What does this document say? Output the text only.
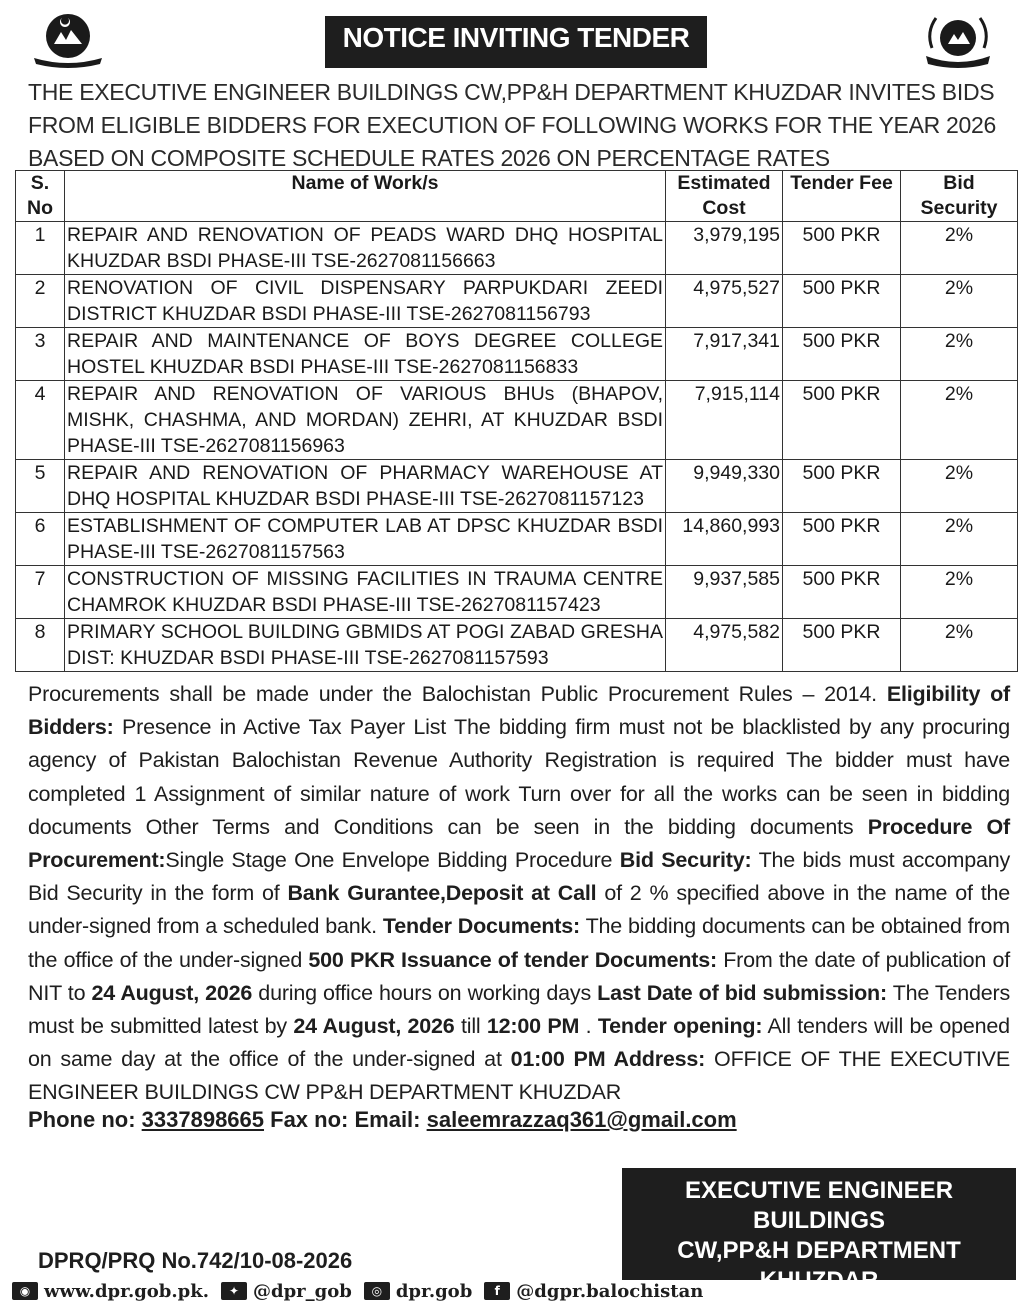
NOTICE INVITING TENDER
THE EXECUTIVE ENGINEER BUILDINGS CW,PP&H DEPARTMENT KHUZDAR INVITES BIDS FROM ELIGIBLE BIDDERS FOR EXECUTION OF FOLLOWING WORKS FOR THE YEAR 2026 BASED ON COMPOSITE SCHEDULE RATES 2026 ON PERCENTAGE RATES
S. No	Name of Work/s	Estimated Cost	Tender Fee	Bid Security
1	REPAIR AND RENOVATION OF PEADS WARD DHQ HOSPITAL KHUZDAR BSDI PHASE-III TSE-2627081156663	3,979,195	500 PKR	2%
2	RENOVATION OF CIVIL DISPENSARY PARPUKDARI ZEEDI DISTRICT KHUZDAR BSDI PHASE-III TSE-2627081156793	4,975,527	500 PKR	2%
3	REPAIR AND MAINTENANCE OF BOYS DEGREE COLLEGE HOSTEL KHUZDAR BSDI PHASE-III TSE-2627081156833	7,917,341	500 PKR	2%
4	REPAIR AND RENOVATION OF VARIOUS BHUs (BHAPOV, MISHK, CHASHMA, AND MORDAN) ZEHRI, AT KHUZDAR BSDI PHASE-III TSE-2627081156963	7,915,114	500 PKR	2%
5	REPAIR AND RENOVATION OF PHARMACY WAREHOUSE AT DHQ HOSPITAL KHUZDAR BSDI PHASE-III TSE-2627081157123	9,949,330	500 PKR	2%
6	ESTABLISHMENT OF COMPUTER LAB AT DPSC KHUZDAR BSDI PHASE-III TSE-2627081157563	14,860,993	500 PKR	2%
7	CONSTRUCTION OF MISSING FACILITIES IN TRAUMA CENTRE CHAMROK KHUZDAR BSDI PHASE-III TSE-2627081157423	9,937,585	500 PKR	2%
8	PRIMARY SCHOOL BUILDING GBMIDS AT POGI ZABAD GRESHA DIST: KHUZDAR BSDI PHASE-III TSE-2627081157593	4,975,582	500 PKR	2%
Procurements shall be made under the Balochistan Public Procurement Rules – 2014. Eligibility of Bidders: Presence in Active Tax Payer List The bidding firm must not be blacklisted by any procuring agency of Pakistan Balochistan Revenue Authority Registration is required The bidder must have completed 1 Assignment of similar nature of work Turn over for all the works can be seen in bidding documents Other Terms and Conditions can be seen in the bidding documents Procedure Of Procurement:Single Stage One Envelope Bidding Procedure Bid Security: The bids must accompany Bid Security in the form of Bank Gurantee,Deposit at Call of 2 % specified above in the name of the under-signed from a scheduled bank. Tender Documents: The bidding documents can be obtained from the office of the under-signed 500 PKR Issuance of tender Documents: From the date of publication of NIT to 24 August, 2026 during office hours on working days Last Date of bid submission: The Tenders must be submitted latest by 24 August, 2026 till 12:00 PM . Tender opening: All tenders will be opened on same day at the office of the under-signed at 01:00 PM Address: OFFICE OF THE EXECUTIVE ENGINEER BUILDINGS CW PP&H DEPARTMENT KHUZDAR
Phone no: 3337898665 Fax no: Email: saleemrazzaq361@gmail.com
EXECUTIVE ENGINEER BUILDINGS
CW,PP&H DEPARTMENT
DPRQ/PRQ No.742/10-08-2026
◉ www.dpr.gob.pk.	✦ @dpr_gob	◎ dpr.gob	f @dgpr.balochistan
